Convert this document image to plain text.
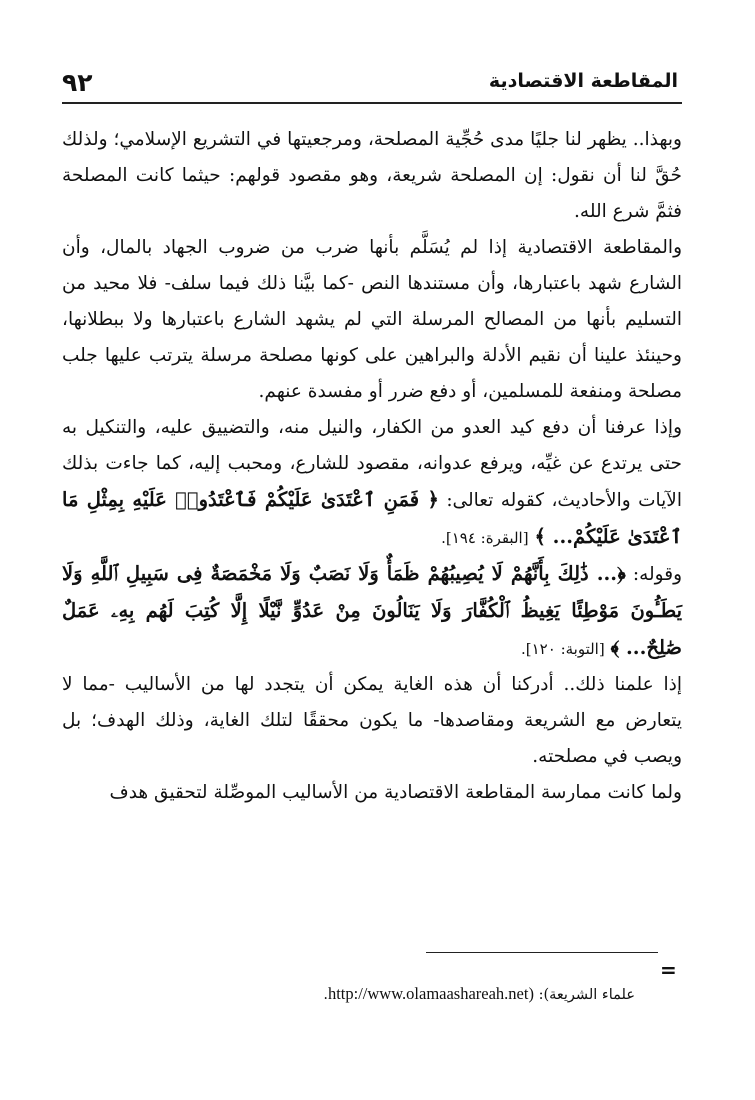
٩٢	المقاطعة الاقتصادية

وبهذا.. يظهر لنا جليًا مدى حُجِّية المصلحة، ومرجعيتها في التشريع الإسلامي؛ ولذلك حُقَّ لنا أن نقول: إن المصلحة شريعة، وهو مقصود قولهم: حيثما كانت المصلحة فثمَّ شرع الله.

والمقاطعة الاقتصادية إذا لم يُسَلَّم بأنها ضرب من ضروب الجهاد بالمال، وأن الشارع شهد باعتبارها، وأن مستندها النص -كما بيَّنا ذلك فيما سلف- فلا محيد من التسليم بأنها من المصالح المرسلة التي لم يشهد الشارع باعتبارها ولا ببطلانها، وحينئذ علينا أن نقيم الأدلة والبراهين على كونها مصلحة مرسلة يترتب عليها جلب مصلحة ومنفعة للمسلمين، أو دفع ضرر أو مفسدة عنهم.

وإذا عرفنا أن دفع كيد العدو من الكفار، والنيل منه، والتضييق عليه، والتنكيل به حتى يرتدع عن غيِّه، ويرفع عدوانه، مقصود للشارع، ومحبب إليه، كما جاءت بذلك الآيات والأحاديث، كقوله تعالى: ﴿ فَمَنِ ٱعْتَدَىٰ عَلَيْكُمْ فَٱعْتَدُوا۟ عَلَيْهِ بِمِثْلِ مَا ٱعْتَدَىٰ عَلَيْكُمْ... ﴾ [البقرة: ١٩٤].

وقوله: ﴿... ذَٰلِكَ بِأَنَّهُمْ لَا يُصِيبُهُمْ ظَمَأٌ وَلَا نَصَبٌ وَلَا مَخْمَصَةٌ فِى سَبِيلِ ٱللَّهِ وَلَا يَطَـُٔونَ مَوْطِئًا يَغِيظُ ٱلْكُفَّارَ وَلَا يَنَالُونَ مِنْ عَدُوٍّ نَّيْلًا إِلَّا كُتِبَ لَهُم بِهِۦ عَمَلٌ صَٰلِحٌ... ﴾ [التوبة: ١٢٠].

إذا علمنا ذلك.. أدركنا أن هذه الغاية يمكن أن يتجدد لها من الأساليب -مما لا يتعارض مع الشريعة ومقاصدها- ما يكون محققًا لتلك الغاية، وذلك الهدف؛ بل ويصب في مصلحته.

ولما كانت ممارسة المقاطعة الاقتصادية من الأساليب الموصِّلة لتحقيق هدف

=
علماء الشريعة): (http://www.olamaashareah.net.
